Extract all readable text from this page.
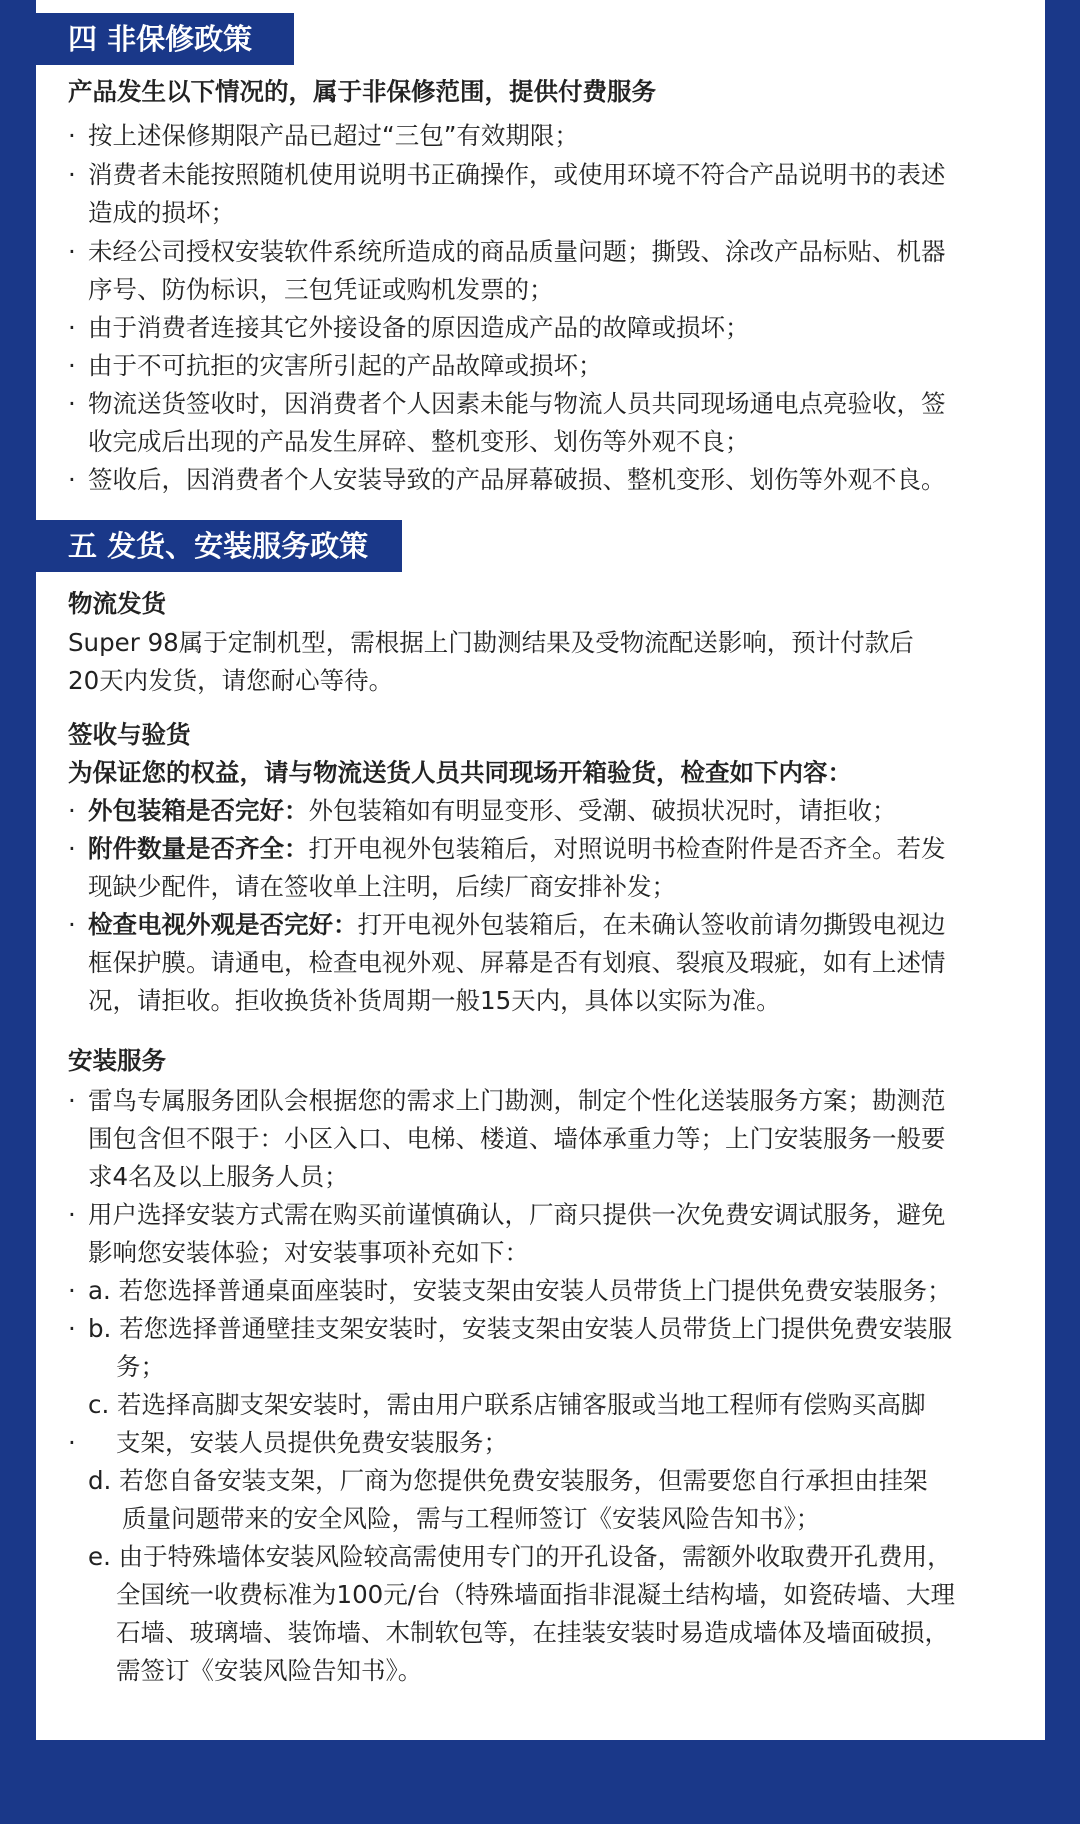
四 非保修政策
产品发生以下情况的，属于非保修范围，提供付费服务
· 按上述保修期限产品已超过“三包”有效期限；
· 消费者未能按照随机使用说明书正确操作，或使用环境不符合产品说明书的表述
造成的损坏；
· 未经公司授权安装软件系统所造成的商品质量问题；撕毁、涂改产品标贴、机器
序号、防伪标识，三包凭证或购机发票的；
· 由于消费者连接其它外接设备的原因造成产品的故障或损坏；
· 由于不可抗拒的灾害所引起的产品故障或损坏；
· 物流送货签收时，因消费者个人因素未能与物流人员共同现场通电点亮验收，签
收完成后出现的产品发生屏碎、整机变形、划伤等外观不良；
· 签收后，因消费者个人安装导致的产品屏幕破损、整机变形、划伤等外观不良。
五 发货、安装服务政策
物流发货
Super 98属于定制机型，需根据上门勘测结果及受物流配送影响，预计付款后
20天内发货，请您耐心等待。
签收与验货
为保证您的权益，请与物流送货人员共同现场开箱验货，检查如下内容：
· 外包装箱是否完好：外包装箱如有明显变形、受潮、破损状况时，请拒收；
· 附件数量是否齐全：打开电视外包装箱后，对照说明书检查附件是否齐全。若发
现缺少配件，请在签收单上注明，后续厂商安排补发；
· 检查电视外观是否完好：打开电视外包装箱后，在未确认签收前请勿撕毁电视边
框保护膜。请通电，检查电视外观、屏幕是否有划痕、裂痕及瑕疵，如有上述情
况，请拒收。拒收换货补货周期一般15天内，具体以实际为准。
安装服务
· 雷鸟专属服务团队会根据您的需求上门勘测，制定个性化送装服务方案；勘测范
围包含但不限于：小区入口、电梯、楼道、墙体承重力等；上门安装服务一般要
求4名及以上服务人员；
· 用户选择安装方式需在购买前谨慎确认，厂商只提供一次免费安调试服务，避免
影响您安装体验；对安装事项补充如下：
· a. 若您选择普通桌面座装时，安装支架由安装人员带货上门提供免费安装服务；
· b. 若您选择普通壁挂支架安装时，安装支架由安装人员带货上门提供免费安装服
务；
c. 若选择高脚支架安装时，需由用户联系店铺客服或当地工程师有偿购买高脚
· 支架，安装人员提供免费安装服务；
d. 若您自备安装支架，厂商为您提供免费安装服务，但需要您自行承担由挂架
质量问题带来的安全风险，需与工程师签订《安装风险告知书》；
e. 由于特殊墙体安装风险较高需使用专门的开孔设备，需额外收取费开孔费用，
全国统一收费标准为100元/台（特殊墙面指非混凝土结构墙，如瓷砖墙、大理
石墙、玻璃墙、装饰墙、木制软包等，在挂装安装时易造成墙体及墙面破损，
需签订《安装风险告知书》。
